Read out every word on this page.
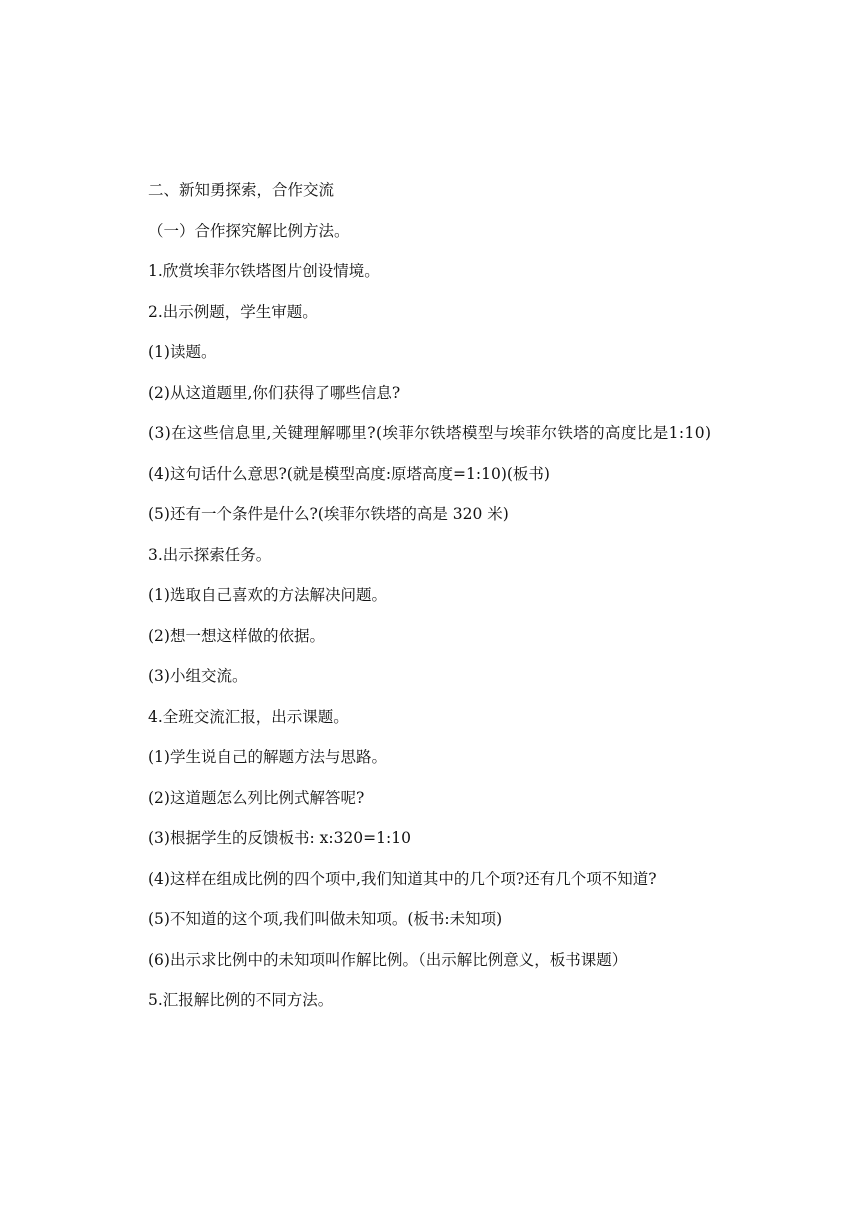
二、新知勇探索，合作交流

（一）合作探究解比例方法。

1.欣赏埃菲尔铁塔图片创设情境。

2.出示例题，学生审题。

(1)读题。

(2)从这道题里,你们获得了哪些信息?

(3)在这些信息里,关键理解哪里?(埃菲尔铁塔模型与埃菲尔铁塔的高度比是1:10)

(4)这句话什么意思?(就是模型高度:原塔高度=1:10)(板书)

(5)还有一个条件是什么?(埃菲尔铁塔的高是 320 米)

3.出示探索任务。

(1)选取自己喜欢的方法解决问题。

(2)想一想这样做的依据。

(3)小组交流。

4.全班交流汇报，出示课题。

(1)学生说自己的解题方法与思路。

(2)这道题怎么列比例式解答呢?

(3)根据学生的反馈板书: x:320=1:10

(4)这样在组成比例的四个项中,我们知道其中的几个项?还有几个项不知道?

(5)不知道的这个项,我们叫做未知项。(板书:未知项)

(6)出示求比例中的未知项叫作解比例。（出示解比例意义，板书课题）

5.汇报解比例的不同方法。
